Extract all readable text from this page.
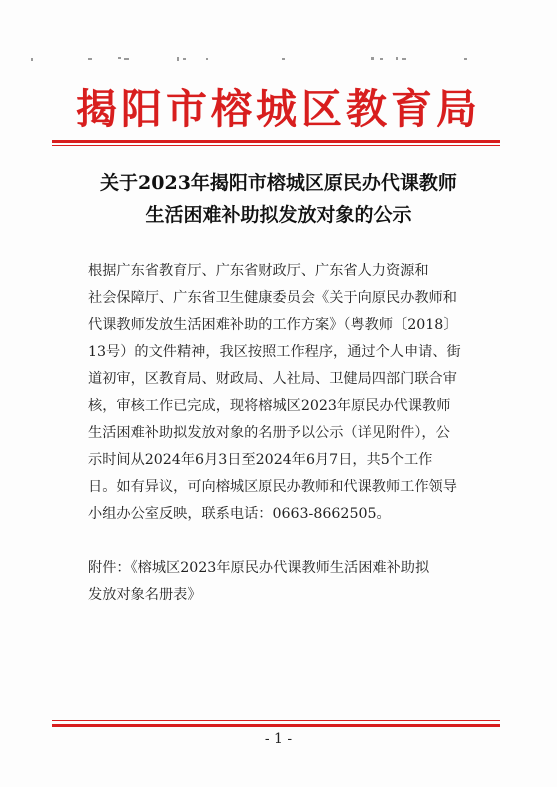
揭阳市榕城区教育局
关于2023年揭阳市榕城区原民办代课教师
生活困难补助拟发放对象的公示
根据广东省教育厅、广东省财政厅、广东省人力资源和
社会保障厅、广东省卫生健康委员会《关于向原民办教师和
代课教师发放生活困难补助的工作方案》（粤教师〔2018〕
13号）的文件精神，我区按照工作程序，通过个人申请、街
道初审，区教育局、财政局、人社局、卫健局四部门联合审
核，审核工作已完成，现将榕城区2023年原民办代课教师
生活困难补助拟发放对象的名册予以公示（详见附件），公
示时间从2024年6月3日至2024年6月7日，共5个工作
日。如有异议，可向榕城区原民办教师和代课教师工作领导
小组办公室反映，联系电话：0663-8662505。
附件：《榕城区2023年原民办代课教师生活困难补助拟
发放对象名册表》
- 1 -
